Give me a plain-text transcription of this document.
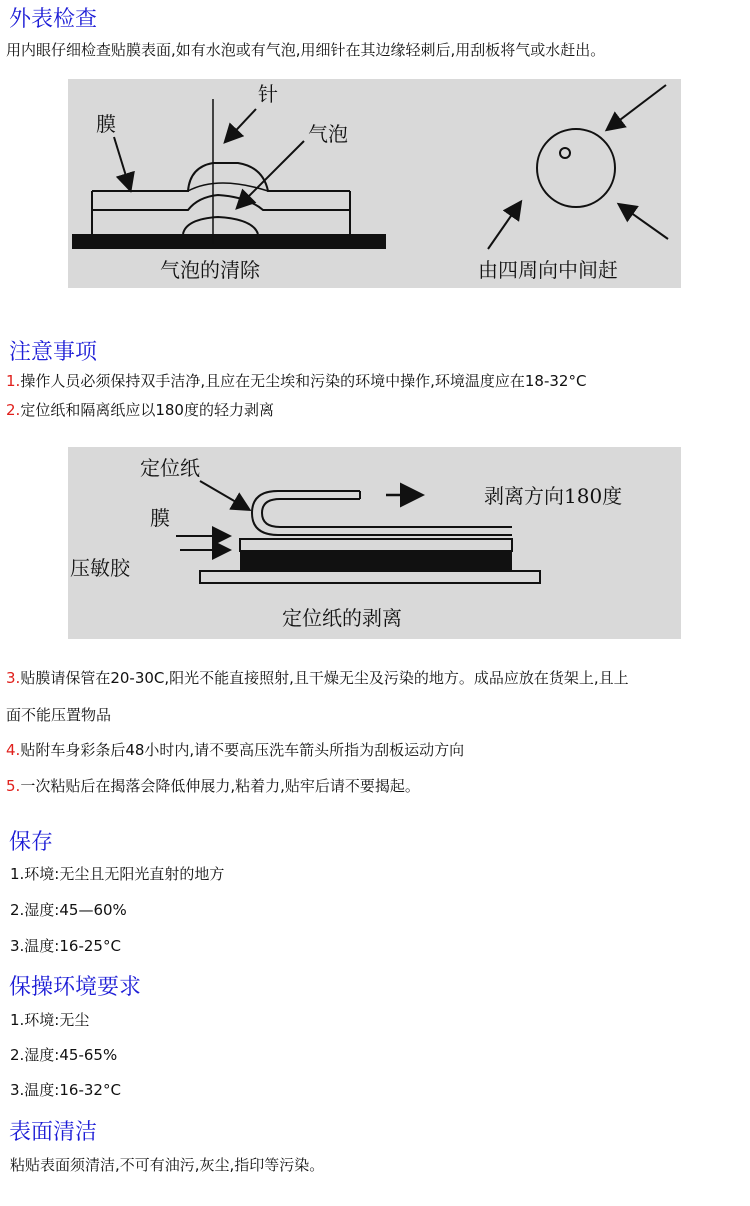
外表检查

用内眼仔细检查贴膜表面,如有水泡或有气泡,用细针在其边缘轻刺后,用刮板将气或水赶出。

膜
针
气泡
气泡的清除	由四周向中间赶
注意事项

1.操作人员必须保持双手洁净,且应在无尘埃和污染的环境中操作,环境温度应在18-32°C

2.定位纸和隔离纸应以180度的轻力剥离

定位纸
膜
压敏胶
剥离方向180度
定位纸的剥离

3.贴膜请保管在20-30C,阳光不能直接照射,且干燥无尘及污染的地方。成品应放在货架上,且上

面不能压置物品

4.贴附车身彩条后48小时内,请不要高压洗车箭头所指为刮板运动方向

5.一次粘贴后在揭落会降低伸展力,粘着力,贴牢后请不要揭起。

保存

1.环境:无尘且无阳光直射的地方

2.湿度:45—60%

3.温度:16-25°C

保操环境要求

1.环境:无尘

2.湿度:45-65%

3.温度:16-32°C

表面清洁

粘贴表面须清洁,不可有油污,灰尘,指印等污染。
